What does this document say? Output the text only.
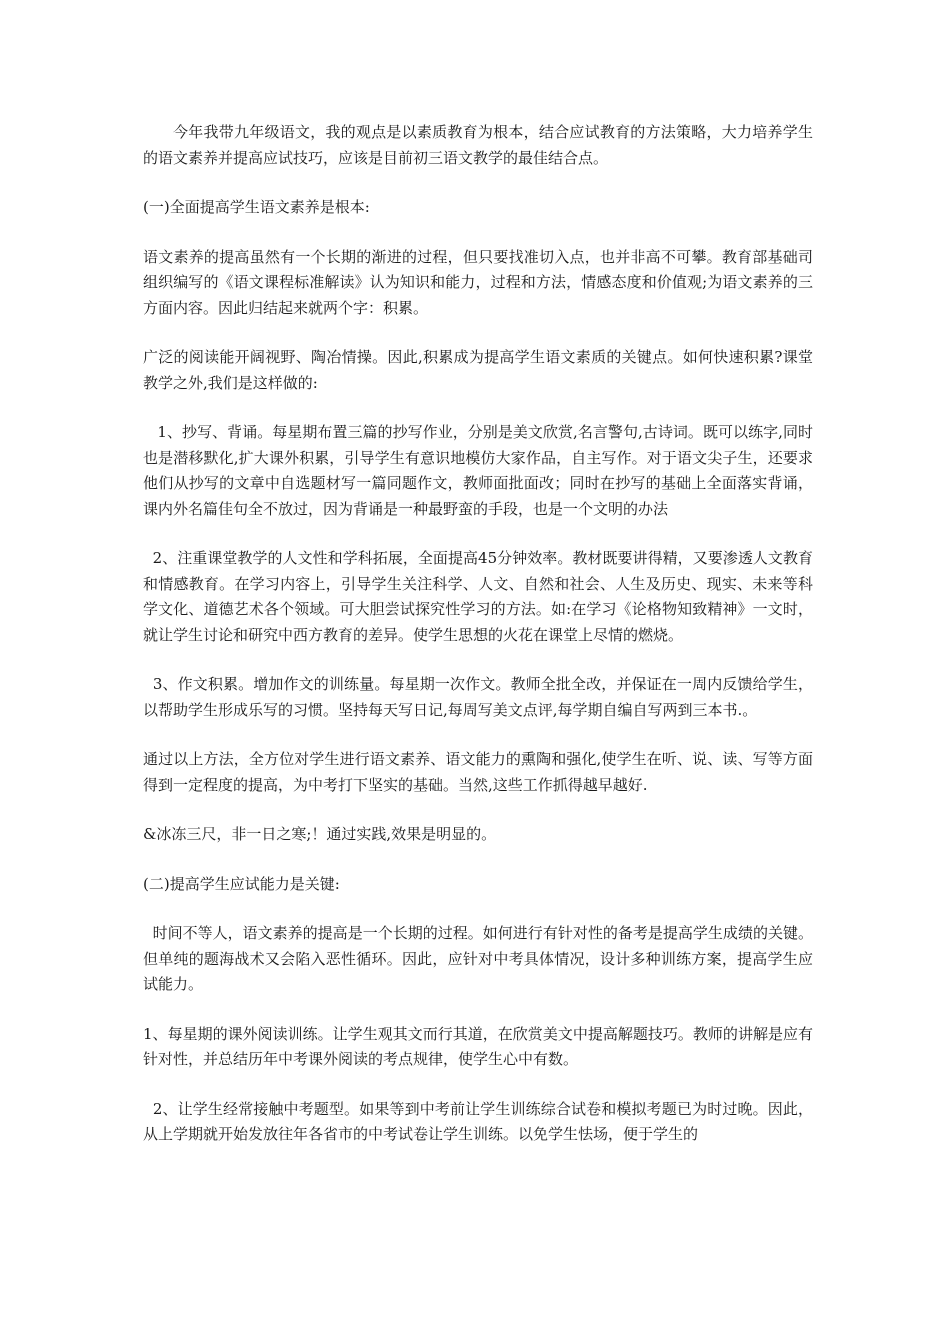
今年我带九年级语文，我的观点是以素质教育为根本，结合应试教育的方法策略，大力培养学生的语文素养并提高应试技巧，应该是目前初三语文教学的最佳结合点。

(一)全面提高学生语文素养是根本:

语文素养的提高虽然有一个长期的渐进的过程，但只要找准切入点，也并非高不可攀。教育部基础司组织编写的《语文课程标准解读》认为知识和能力，过程和方法，情感态度和价值观;为语文素养的三方面内容。因此归结起来就两个字：积累。

广泛的阅读能开阔视野、陶冶情操。因此,积累成为提高学生语文素质的关键点。如何快速积累?课堂教学之外,我们是这样做的:

1、抄写、背诵。每星期布置三篇的抄写作业，分别是美文欣赏,名言警句,古诗词。既可以练字,同时也是潜移默化,扩大课外积累，引导学生有意识地模仿大家作品，自主写作。对于语文尖子生，还要求他们从抄写的文章中自选题材写一篇同题作文，教师面批面改；同时在抄写的基础上全面落实背诵，课内外名篇佳句全不放过，因为背诵是一种最野蛮的手段，也是一个文明的办法

2、注重课堂教学的人文性和学科拓展，全面提高45分钟效率。教材既要讲得精，又要渗透人文教育和情感教育。在学习内容上，引导学生关注科学、人文、自然和社会、人生及历史、现实、未来等科学文化、道德艺术各个领域。可大胆尝试探究性学习的方法。如:在学习《论格物知致精神》一文时，就让学生讨论和研究中西方教育的差异。使学生思想的火花在课堂上尽情的燃烧。

3、作文积累。增加作文的训练量。每星期一次作文。教师全批全改，并保证在一周内反馈给学生，以帮助学生形成乐写的习惯。坚持每天写日记,每周写美文点评,每学期自编自写两到三本书.。

通过以上方法，全方位对学生进行语文素养、语文能力的熏陶和强化,使学生在听、说、读、写等方面得到一定程度的提高，为中考打下坚实的基础。当然,这些工作抓得越早越好.

&冰冻三尺，非一日之寒;！通过实践,效果是明显的。

(二)提高学生应试能力是关键:

时间不等人，语文素养的提高是一个长期的过程。如何进行有针对性的备考是提高学生成绩的关键。但单纯的题海战术又会陷入恶性循环。因此，应针对中考具体情况，设计多种训练方案，提高学生应试能力。

1、每星期的课外阅读训练。让学生观其文而行其道，在欣赏美文中提高解题技巧。教师的讲解是应有针对性，并总结历年中考课外阅读的考点规律，使学生心中有数。

2、让学生经常接触中考题型。如果等到中考前让学生训练综合试卷和模拟考题已为时过晚。因此，从上学期就开始发放往年各省市的中考试卷让学生训练。以免学生怯场，便于学生的
